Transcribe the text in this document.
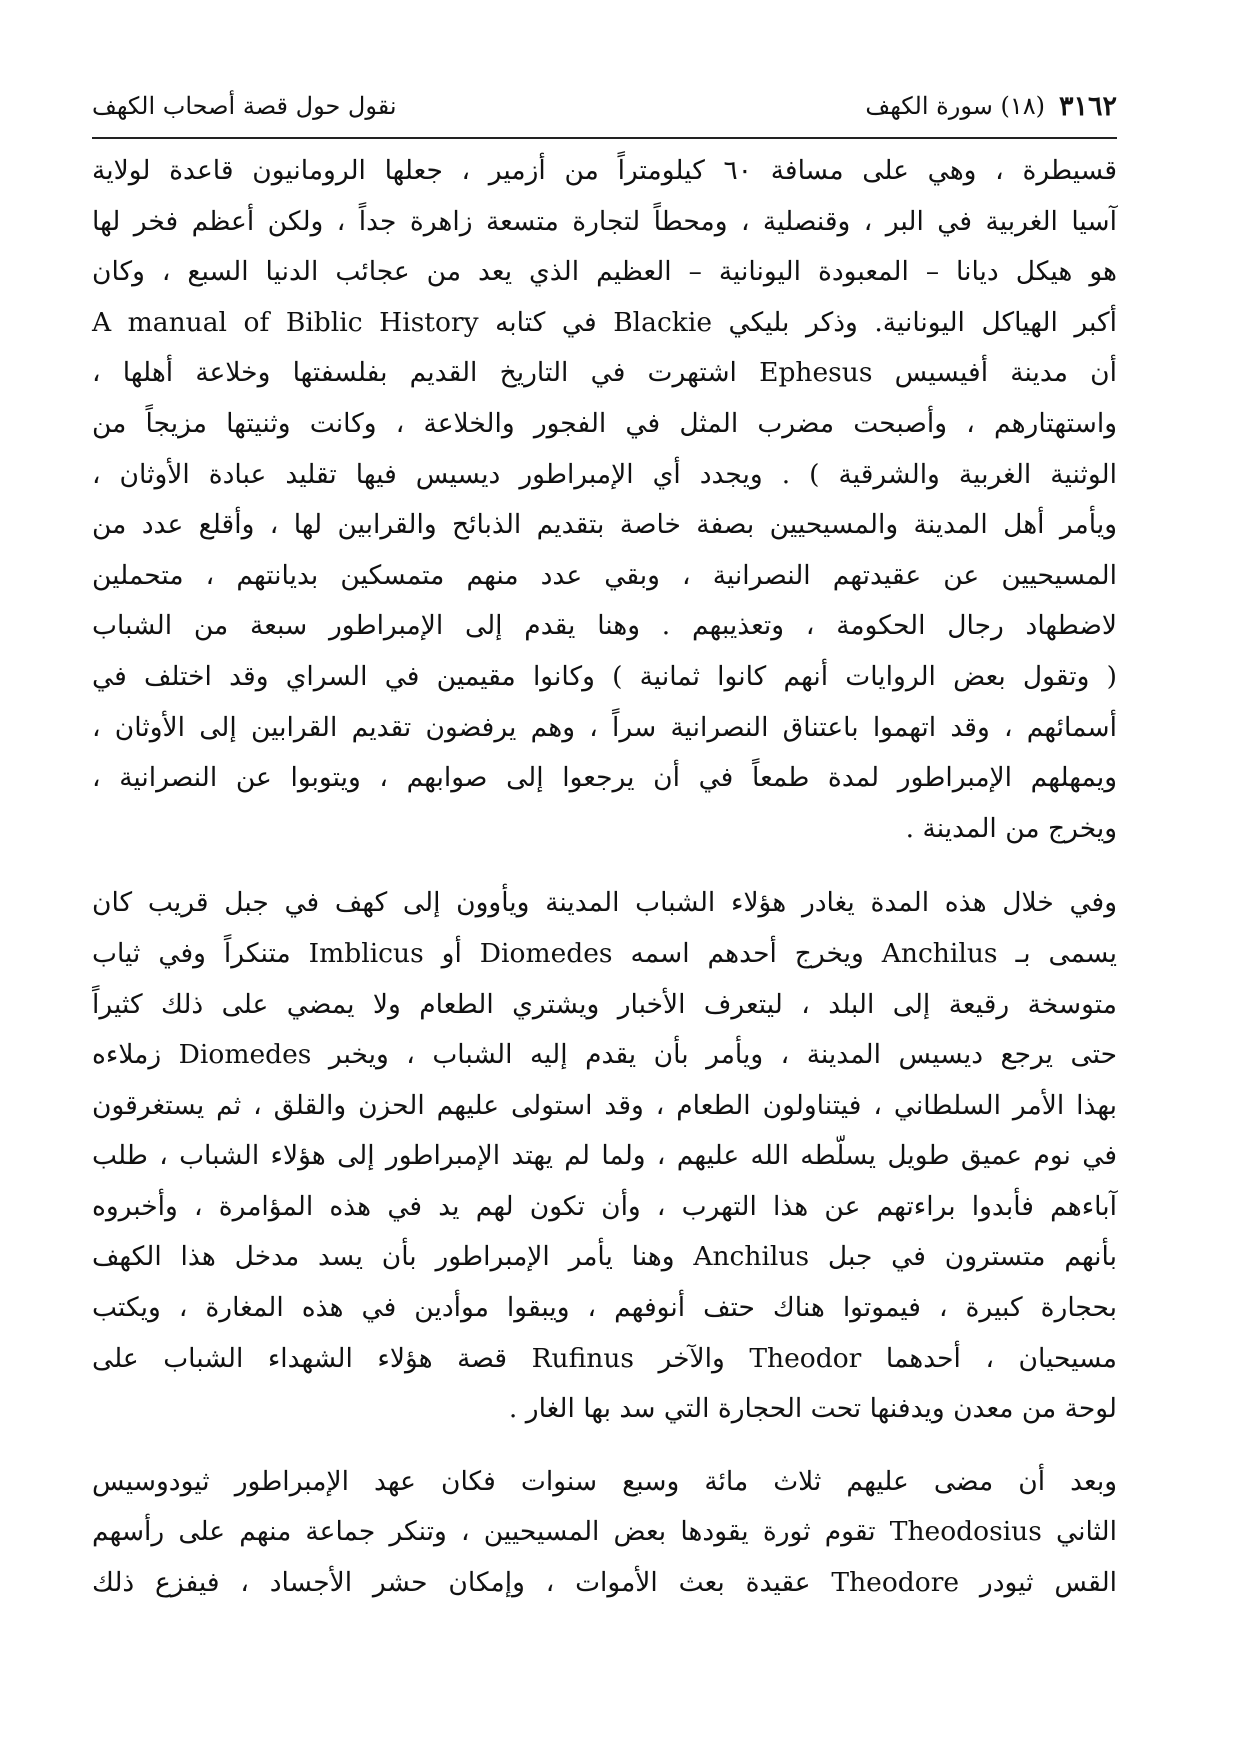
٣١٦٢
(١٨) سورة الكهف
نقول حول قصة أصحاب الكهف

قسيطرة ، وهي على مسافة ٦٠ كيلومتراً من أزمير ، جعلها الرومانيون قاعدة لولاية
آسيا الغربية في البر ، وقنصلية ، ومحطاً لتجارة متسعة زاهرة جداً ، ولكن أعظم فخر لها
هو هيكل ديانا – المعبودة اليونانية – العظيم الذي يعد من عجائب الدنيا السبع ، وكان
أكبر الهياكل اليونانية. وذكر بليكي Blackie في كتابه A manual of Biblic History
أن مدينة أفيسيس Ephesus اشتهرت في التاريخ القديم بفلسفتها وخلاعة أهلها ،
واستهتارهم ، وأصبحت مضرب المثل في الفجور والخلاعة ، وكانت وثنيتها مزيجاً من
الوثنية الغربية والشرقية ) . ويجدد أي الإمبراطور ديسيس فيها تقليد عبادة الأوثان ،
ويأمر أهل المدينة والمسيحيين بصفة خاصة بتقديم الذبائح والقرابين لها ، وأقلع عدد من
المسيحيين عن عقيدتهم النصرانية ، وبقي عدد منهم متمسكين بديانتهم ، متحملين
لاضطهاد رجال الحكومة ، وتعذيبهم . وهنا يقدم إلى الإمبراطور سبعة من الشباب
( وتقول بعض الروايات أنهم كانوا ثمانية ) وكانوا مقيمين في السراي وقد اختلف في
أسمائهم ، وقد اتهموا باعتناق النصرانية سراً ، وهم يرفضون تقديم القرابين إلى الأوثان ،
ويمهلهم الإمبراطور لمدة طمعاً في أن يرجعوا إلى صوابهم ، ويتوبوا عن النصرانية ،
ويخرج من المدينة .

وفي خلال هذه المدة يغادر هؤلاء الشباب المدينة ويأوون إلى كهف في جبل قريب كان
يسمى بـ Anchilus ويخرج أحدهم اسمه Diomedes أو Imblicus متنكراً وفي ثياب
متوسخة رقيعة إلى البلد ، ليتعرف الأخبار ويشتري الطعام ولا يمضي على ذلك كثيراً
حتى يرجع ديسيس المدينة ، ويأمر بأن يقدم إليه الشباب ، ويخبر Diomedes زملاءه
بهذا الأمر السلطاني ، فيتناولون الطعام ، وقد استولى عليهم الحزن والقلق ، ثم يستغرقون
في نوم عميق طويل يسلّطه الله عليهم ، ولما لم يهتد الإمبراطور إلى هؤلاء الشباب ، طلب
آباءهم فأبدوا براءتهم عن هذا التهرب ، وأن تكون لهم يد في هذه المؤامرة ، وأخبروه
بأنهم متسترون في جبل Anchilus وهنا يأمر الإمبراطور بأن يسد مدخل هذا الكهف
بحجارة كبيرة ، فيموتوا هناك حتف أنوفهم ، ويبقوا موأدين في هذه المغارة ، ويكتب
مسيحيان ، أحدهما Theodor والآخر Rufinus قصة هؤلاء الشهداء الشباب على
لوحة من معدن ويدفنها تحت الحجارة التي سد بها الغار .

وبعد أن مضى عليهم ثلاث مائة وسبع سنوات فكان عهد الإمبراطور ثيودوسيس
الثاني Theodosius تقوم ثورة يقودها بعض المسيحيين ، وتنكر جماعة منهم على رأسهم
القس ثيودر Theodore عقيدة بعث الأموات ، وإمكان حشر الأجساد ، فيفزع ذلك
